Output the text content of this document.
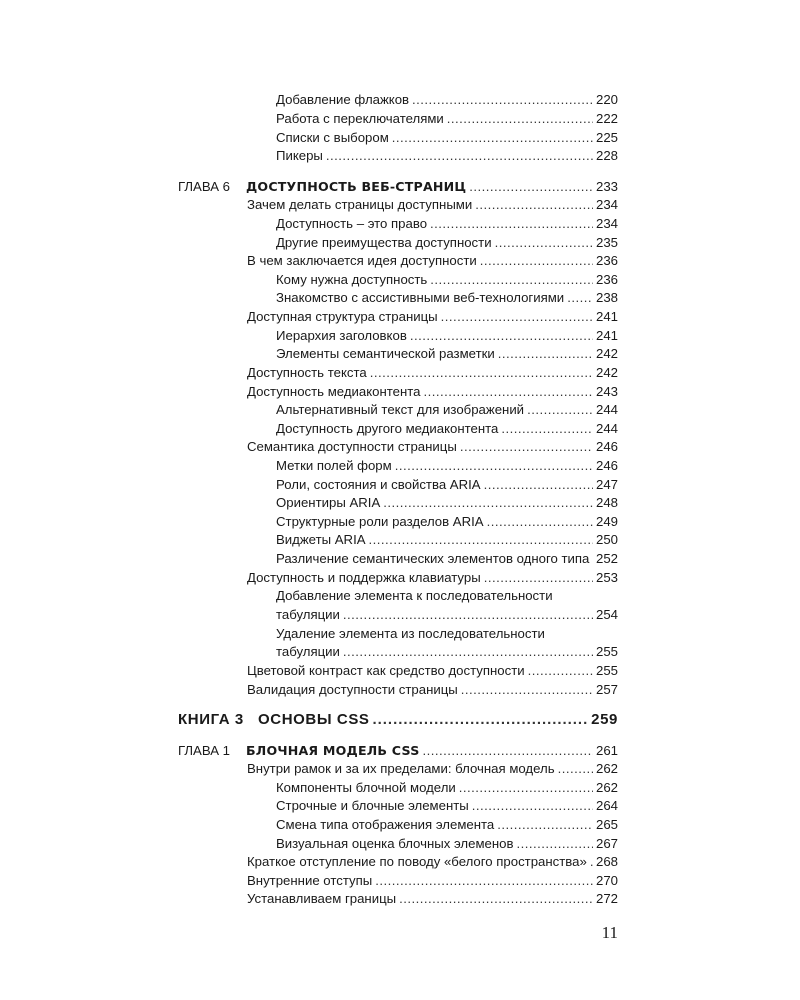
Добавление флажков . . .	220
Работа с переключателями . . .	222
Списки с выбором . . .	225
Пикеры . . .	228
ГЛАВА 6 ДОСТУПНОСТЬ ВЕБ-СТРАНИЦ . . .	233
Зачем делать страницы доступными . . .	234
Доступность – это право . . .	234
Другие преимущества доступности . . .	235
В чем заключается идея доступности . . .	236
Кому нужна доступность . . .	236
Знакомство с ассистивными веб-технологиями . . . 238
Доступная структура страницы . . .	241
Иерархия заголовков . . .	241
Элементы семантической разметки . . .	242
Доступность текста . . .	242
Доступность медиаконтента . . .	243
Альтернативный текст для изображений . . .	244
Доступность другого медиаконтента . . .	244
Семантика доступности страницы . . .	246
Метки полей форм . . .	246
Роли, состояния и свойства ARIA . . .	247
Ориентиры ARIA . . .	248
Структурные роли разделов ARIA . . .	249
Виджеты ARIA . . .	250
Различение семантических элементов одного типа . . . 252
Доступность и поддержка клавиатуры . . .	253
Добавление элемента к последовательности
табуляции . . .	254
Удаление элемента из последовательности
табуляции . . .	255
Цветовой контраст как средство доступности . . .	255
Валидация доступности страницы . . .	257
КНИГА 3 ОСНОВЫ CSS . . .	259
ГЛАВА 1 БЛОЧНАЯ МОДЕЛЬ CSS . . .	261
Внутри рамок и за их пределами: блочная модель . . .	262
Компоненты блочной модели . . .	262
Строчные и блочные элементы . . .	264
Смена типа отображения элемента . . .	265
Визуальная оценка блочных элеменов . . .	267
Краткое отступление по поводу «белого пространства» . . . 268
Внутренние отступы . . .	270
Устанавливаем границы . . .	272
11
